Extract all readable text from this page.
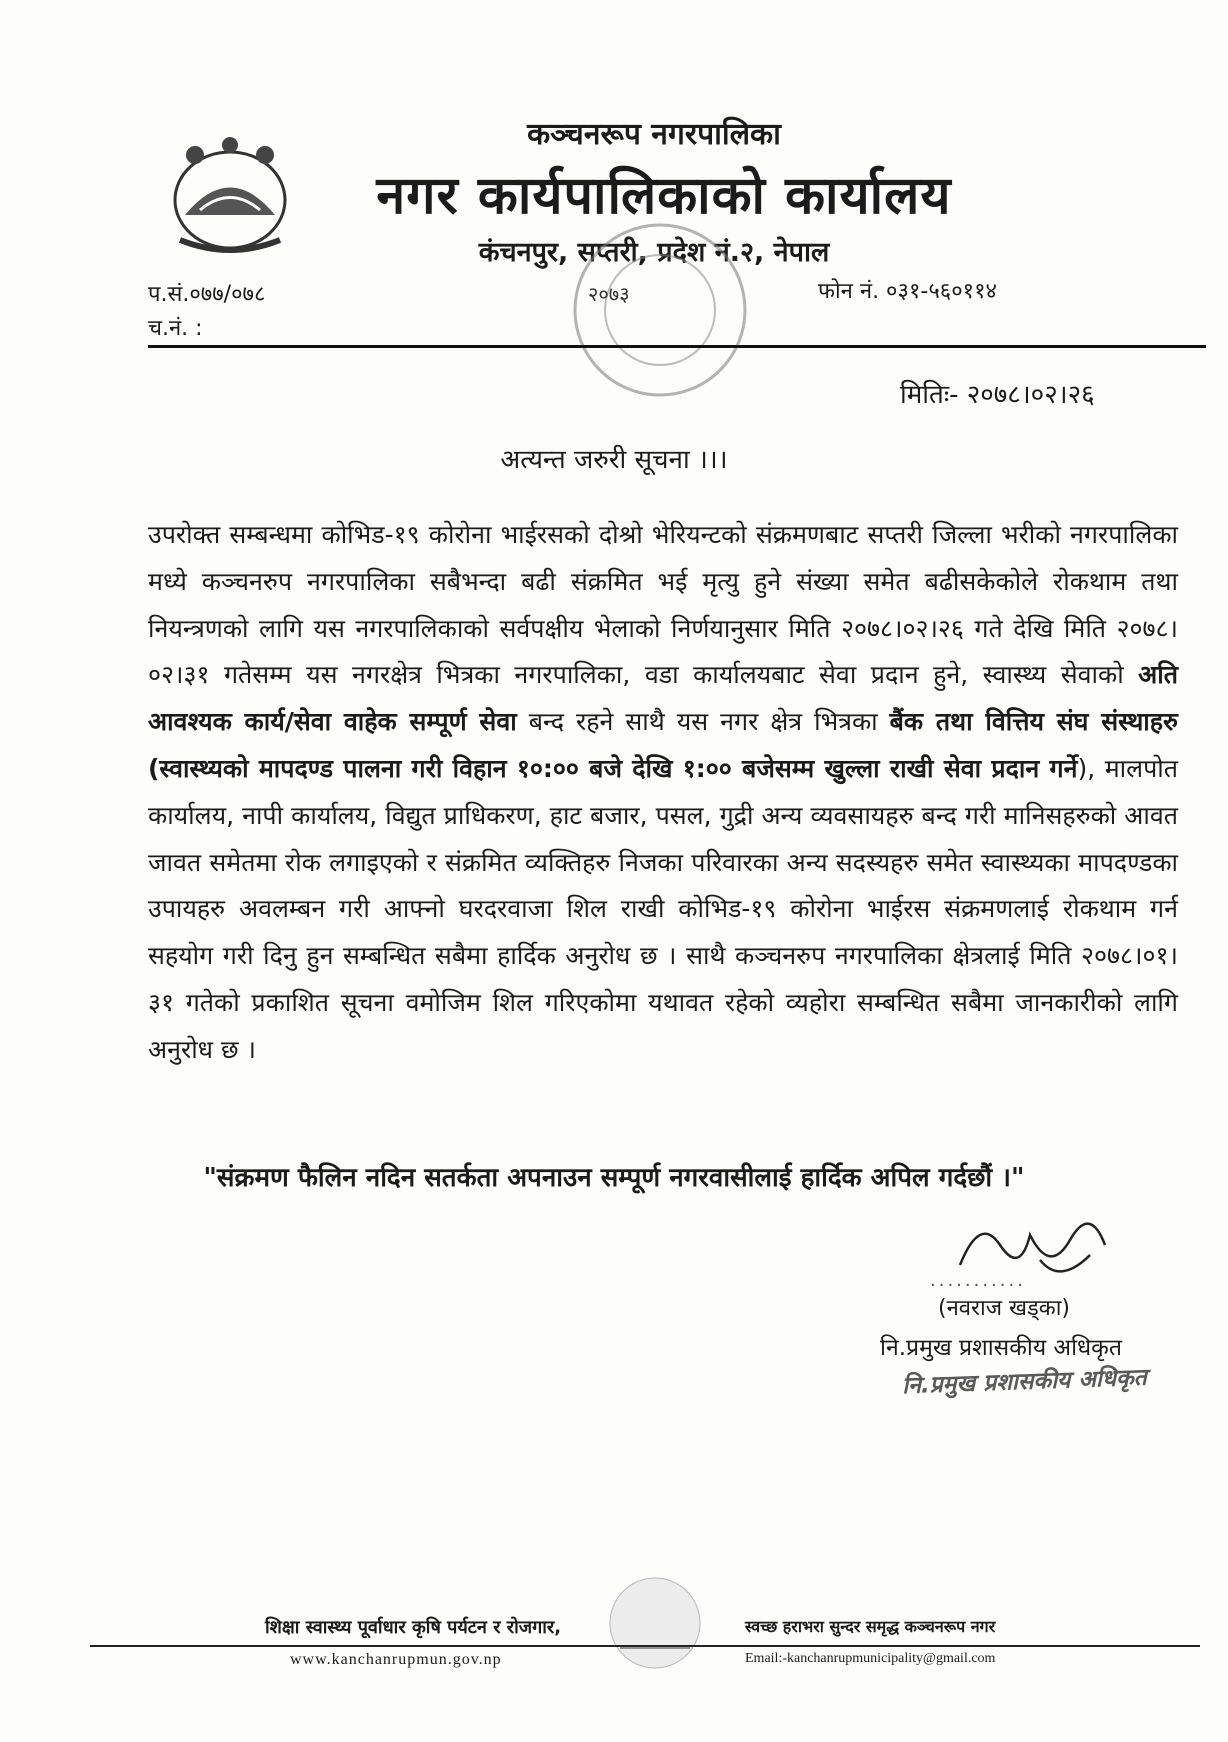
कञ्चनरूप नगरपालिका
नगर कार्यपालिकाको कार्यालय
कंचनपुर, सप्तरी, प्रदेश नं.२, नेपाल
प.सं.०७७/०७८
च.नं. :
२०७३	फोन नं. ०३१-५६०११४
मितिः- २०७८।०२।२६
अत्यन्त जरुरी सूचना ।।।
उपरोक्त सम्बन्धमा कोभिड-१९ कोरोना भाईरसको दोश्रो भेरियन्टको संक्रमणबाट सप्तरी जिल्ला भरीको नगरपालिका मध्ये कञ्चनरुप नगरपालिका सबैभन्दा बढी संक्रमित भई मृत्यु हुने संख्या समेत बढीसकेकोले रोकथाम तथा नियन्त्रणको लागि यस नगरपालिकाको सर्वपक्षीय भेलाको निर्णयानुसार मिति २०७८।०२।२६ गते देखि मिति २०७८।०२।३१ गतेसम्म यस नगरक्षेत्र भित्रका नगरपालिका, वडा कार्यालयबाट सेवा प्रदान हुने, स्वास्थ्य सेवाको अति आवश्यक कार्य/सेवा वाहेक सम्पूर्ण सेवा बन्द रहने साथै यस नगर क्षेत्र भित्रका बैंक तथा वित्तिय संघ संस्थाहरु (स्वास्थ्यको मापदण्ड पालना गरी विहान १०:०० बजे देखि १:०० बजेसम्म खुल्ला राखी सेवा प्रदान गर्ने), मालपोत कार्यालय, नापी कार्यालय, विद्युत प्राधिकरण, हाट बजार, पसल, गुद्री अन्य व्यवसायहरु बन्द गरी मानिसहरुको आवत जावत समेतमा रोक लगाइएको र संक्रमित व्यक्तिहरु निजका परिवारका अन्य सदस्यहरु समेत स्वास्थ्यका मापदण्डका उपायहरु अवलम्बन गरी आफ्नो घरदरवाजा शिल राखी कोभिड-१९ कोरोना भाईरस संक्रमणलाई रोकथाम गर्न सहयोग गरी दिनु हुन सम्बन्धित सबैमा हार्दिक अनुरोध छ । साथै कञ्चनरुप नगरपालिका क्षेत्रलाई मिति २०७८।०१।३१ गतेको प्रकाशित सूचना वमोजिम शिल गरिएकोमा यथावत रहेको व्यहोरा सम्बन्धित सबैमा जानकारीको लागि अनुरोध छ ।
"संक्रमण फैलिन नदिन सतर्कता अपनाउन सम्पूर्ण नगरवासीलाई हार्दिक अपिल गर्दछौं ।"
...........
(नवराज खड्का)
नि.प्रमुख प्रशासकीय अधिकृत
नि.प्रमुख प्रशासकीय अधिकृत
शिक्षा स्वास्थ्य पूर्वाधार कृषि पर्यटन र रोजगार,	स्वच्छ हराभरा सुन्दर समृद्ध कञ्चनरूप नगर
www.kanchanrupmun.gov.np	Email:-kanchanrupmunicipality@gmail.com
